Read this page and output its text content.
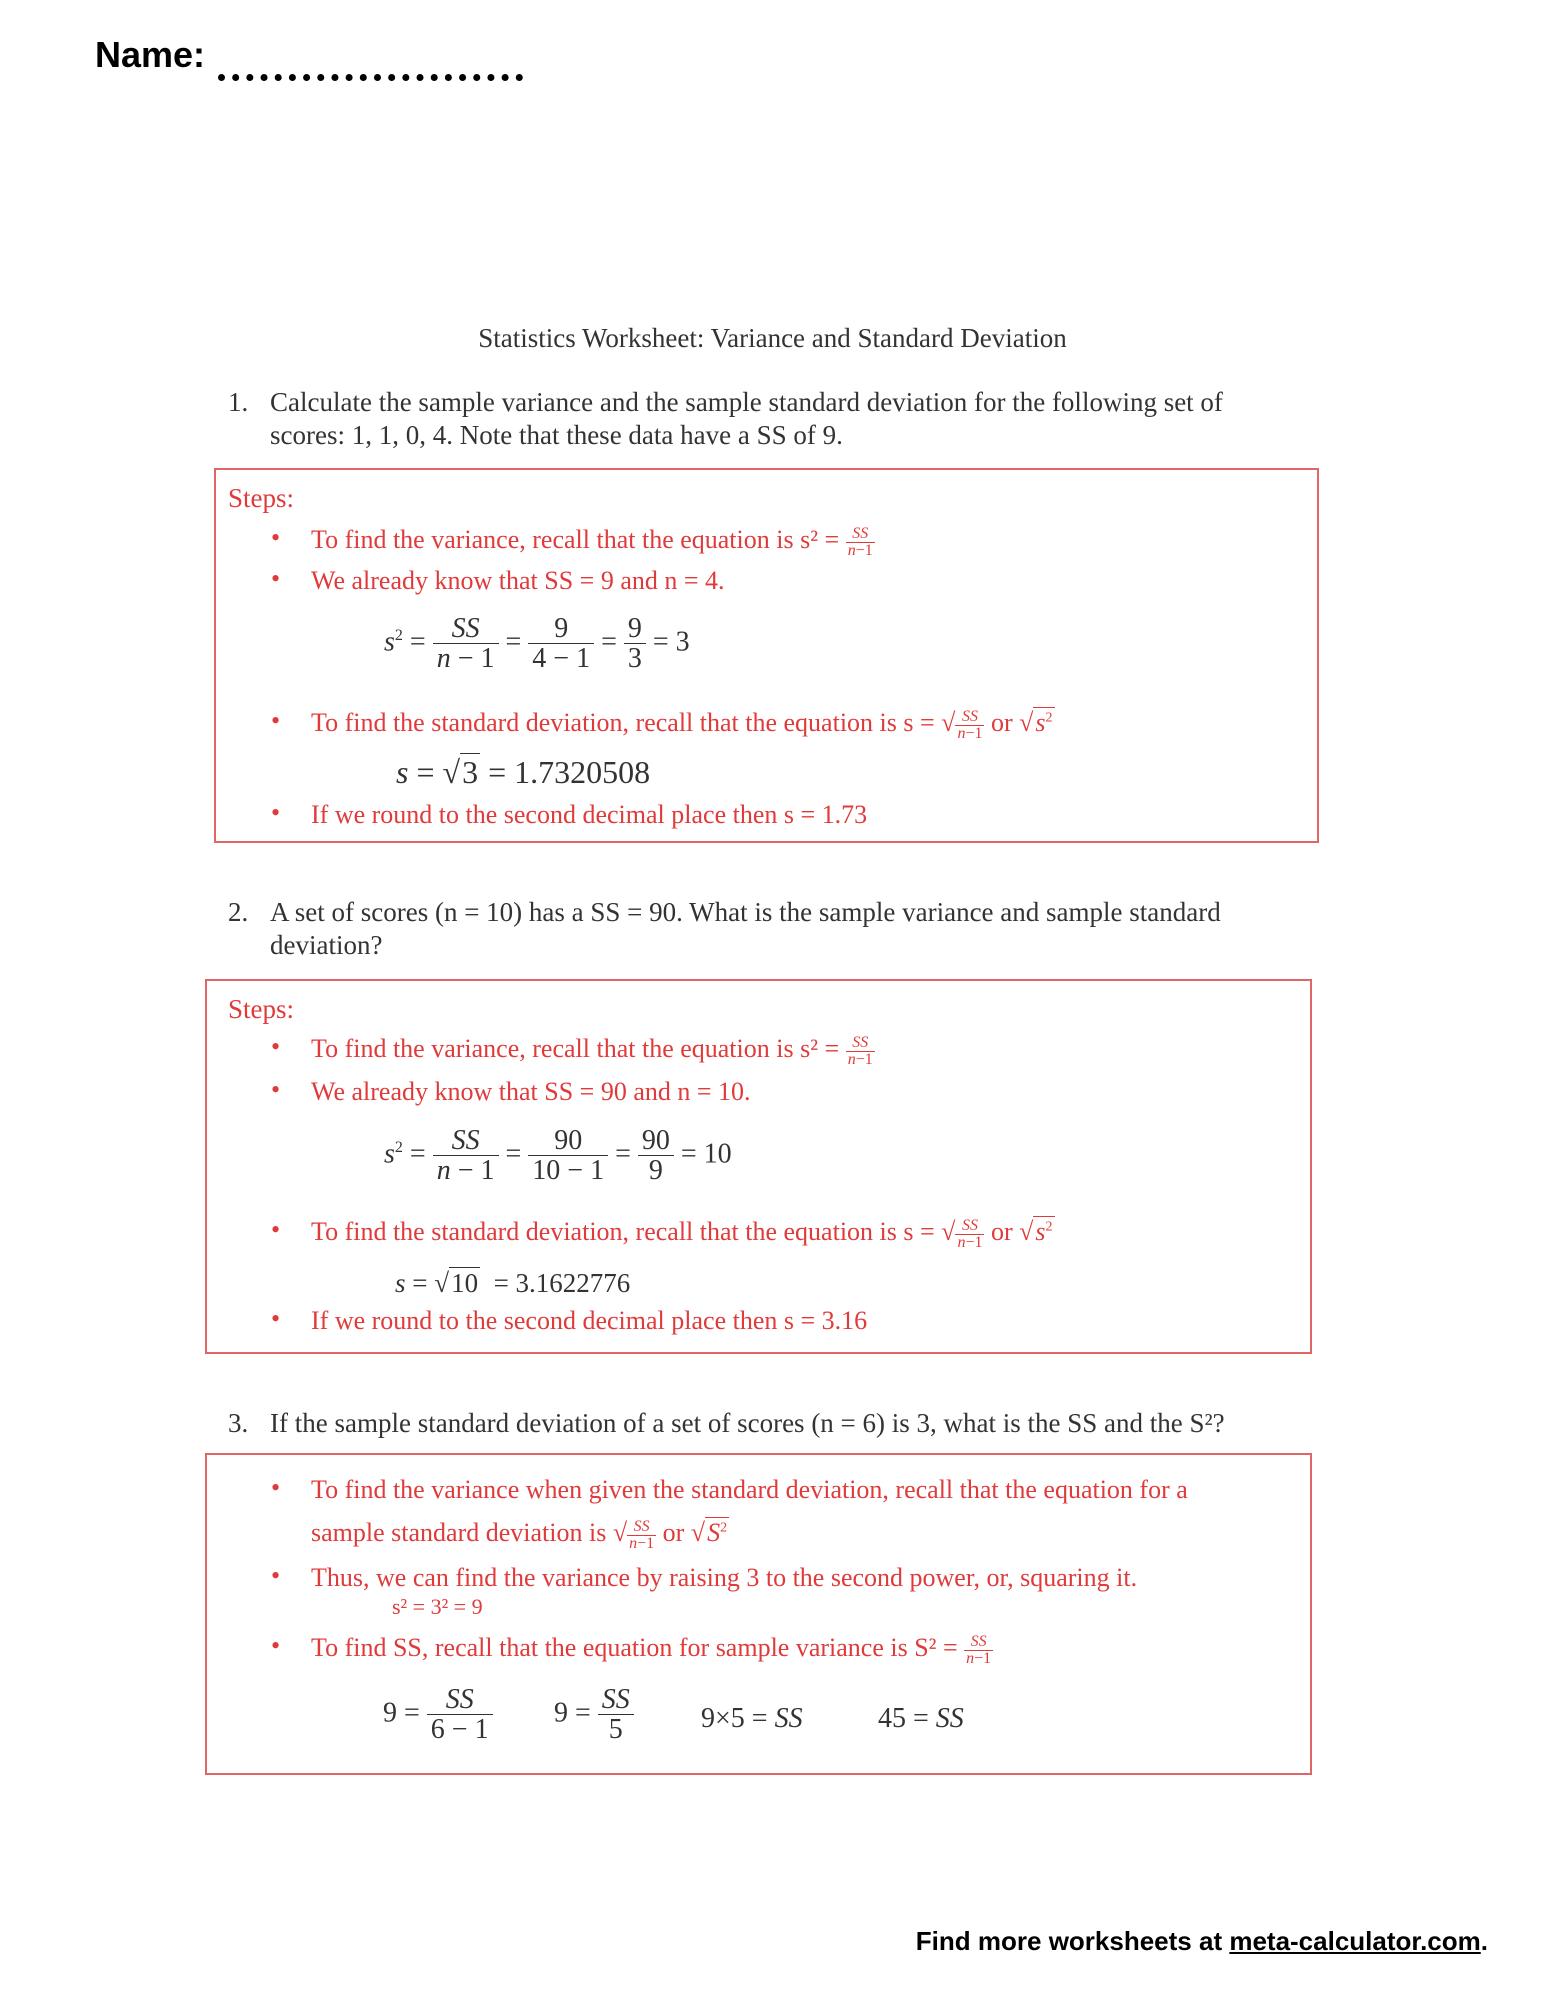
Name:
Statistics Worksheet: Variance and Standard Deviation
1. Calculate the sample variance and the sample standard deviation for the following set of scores: 1, 1, 0, 4. Note that these data have a SS of 9.
Steps:
• To find the variance, recall that the equation is $s^2 = \frac{SS}{n-1}$
• We already know that SS = 9 and n = 4.
$s^2 = \frac{SS}{n - 1} = \frac{9}{4 - 1} = \frac{9}{3} = 3$
• To find the standard deviation, recall that the equation is s = √ $\frac{SS}{n-1}$ or $√s^2$
s = √3 = 1.7320508
• If we round to the second decimal place then s = 1.73
2. A set of scores (n = 10) has a SS = 90. What is the sample variance and sample standard deviation?
Steps:
• To find the variance, recall that the equation is $s^2 = \frac{SS}{n-1}$
• We already know that SS = 90 and n = 10.
$s^2 = \frac{SS}{n - 1} = \frac{90}{10 - 1} = \frac{90}{9} = 10$
• To find the standard deviation, recall that the equation is s = √ $\frac{SS}{n-1}$ or $√s^2$
s = √10  = 3.1622776
• If we round to the second decimal place then s = 3.16
3. If the sample standard deviation of a set of scores (n = 6) is 3, what is the SS and the S²?
• To find the variance when given the standard deviation, recall that the equation for a
sample standard deviation is √ $\frac{SS}{n-1}$ or $√S^2$
• Thus, we can find the variance by raising 3 to the second power, or, squaring it.
s² = 3² = 9
• To find SS, recall that the equation for sample variance is $S^2 = \frac{SS}{n-1}$
$9 = \frac{SS}{6 - 1} 9 = \frac{SS}{5} 9\times 5$ = SS	45 = SS
Find more worksheets at meta-calculator.com.
